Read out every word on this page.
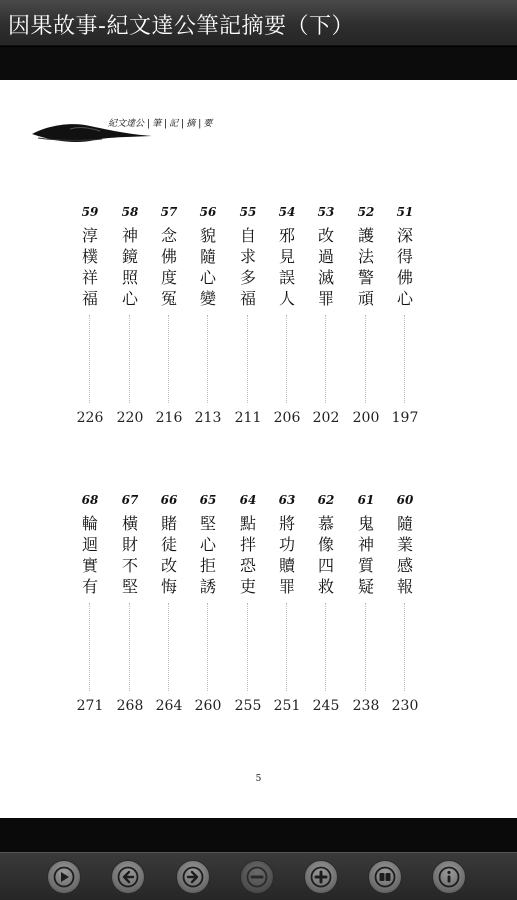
因果故事-紀文達公筆記摘要（下）
紀文達公 | 筆 | 記 | 摘 | 要
59
淳
樸
祥
福
226
58
神
鏡
照
心
220
57
念
佛
度
冤
216
56
貌
隨
心
變
213
55
自
求
多
福
211
54
邪
見
誤
人
206
53
改
過
滅
罪
202
52
護
法
警
頑
200
51
深
得
佛
心
197
68
輪
迴
實
有
271
67
橫
財
不
堅
268
66
賭
徒
改
悔
264
65
堅
心
拒
誘
260
64
點
拌
恐
吏
255
63
將
功
贖
罪
251
62
慕
像
四
救
245
61
鬼
神
質
疑
238
60
隨
業
感
報
230
5
